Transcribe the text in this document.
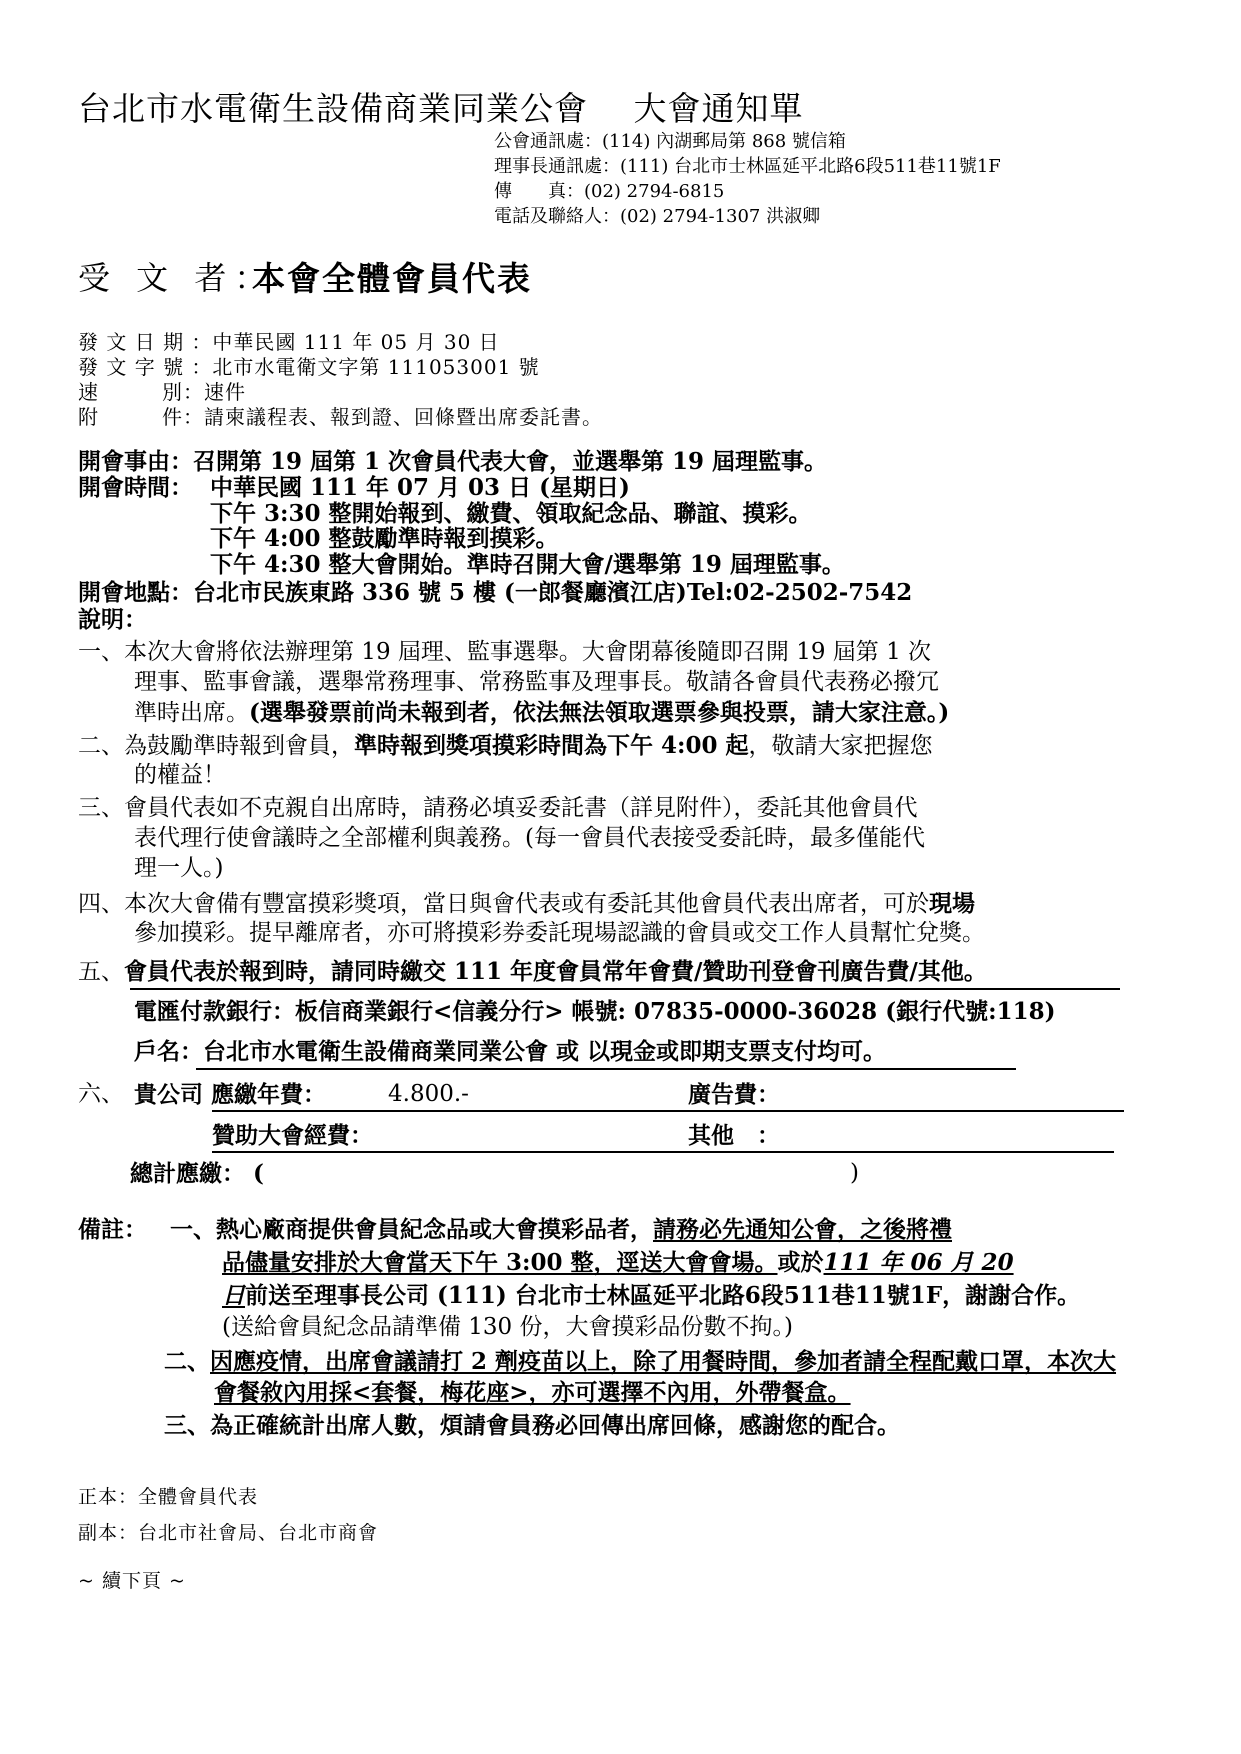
台北市水電衛生設備商業同業公會　 大會通知單
公會通訊處：(114) 內湖郵局第 868 號信箱
理事長通訊處：(111) 台北市士林區延平北路6段511巷11號1F
傳　　真：(02) 2794-6815
電話及聯絡人：(02) 2794-1307 洪淑卿
受 文 者：
本會全體會員代表
發 文 日 期 ：中華民國 111 年 05 月 30 日
發 文 字 號 ：北市水電衛文字第 111053001 號
速　　　別：速件
附　　　件：請柬議程表、報到證、回條暨出席委託書。
開會事由：召開第 19 屆第 1 次會員代表大會，並選舉第 19 屆理監事。
開會時間： 中華民國 111 年 07 月 03 日 (星期日)
下午 3:30 整開始報到、繳費、領取紀念品、聯誼、摸彩。
下午 4:00 整鼓勵準時報到摸彩。
下午 4:30 整大會開始。準時召開大會/選舉第 19 屆理監事。
開會地點：台北市民族東路 336 號 5 樓 (一郎餐廳濱江店)Tel:02-2502-7542
說明：
一、本次大會將依法辦理第 19 屆理、監事選舉。大會閉幕後隨即召開 19 屆第 1 次
理事、監事會議，選舉常務理事、常務監事及理事長。敬請各會員代表務必撥冗
準時出席。(選舉發票前尚未報到者，依法無法領取選票參與投票，請大家注意。)
二、為鼓勵準時報到會員，準時報到獎項摸彩時間為下午 4:00 起，敬請大家把握您
的權益！
三、會員代表如不克親自出席時，請務必填妥委託書（詳見附件），委託其他會員代
表代理行使會議時之全部權利與義務。(每一會員代表接受委託時，最多僅能代
理一人。)
四、本次大會備有豐富摸彩獎項，當日與會代表或有委託其他會員代表出席者，可於現場
參加摸彩。提早離席者，亦可將摸彩券委託現場認識的會員或交工作人員幫忙兌獎。
五、會員代表於報到時，請同時繳交 111 年度會員常年會費/贊助刊登會刊廣告費/其他。
電匯付款銀行：板信商業銀行<信義分行> 帳號: 07835-0000-36028 (銀行代號:118)
戶名：台北市水電衛生設備商業同業公會 或 以現金或即期支票支付均可。
六、 貴公司 應繳年費：	4.800.-	廣告費：
贊助大會經費：	其他　：
總計應繳： (	)
備註： 一、熱心廠商提供會員紀念品或大會摸彩品者，請務必先通知公會，之後將禮
品儘量安排於大會當天下午 3:00 整，逕送大會會場。或於111 年 06 月 20
日前送至理事長公司 (111) 台北市士林區延平北路6段511巷11號1F，謝謝合作。
(送給會員紀念品請準備 130 份，大會摸彩品份數不拘。)
二、因應疫情，出席會議請打 2 劑疫苗以上，除了用餐時間，參加者請全程配戴口罩，本次大
會餐敘內用採<套餐，梅花座>，亦可選擇不內用，外帶餐盒。
三、為正確統計出席人數，煩請會員務必回傳出席回條，感謝您的配合。
正本：全體會員代表
副本：台北市社會局、台北市商會
~ 續下頁 ~
